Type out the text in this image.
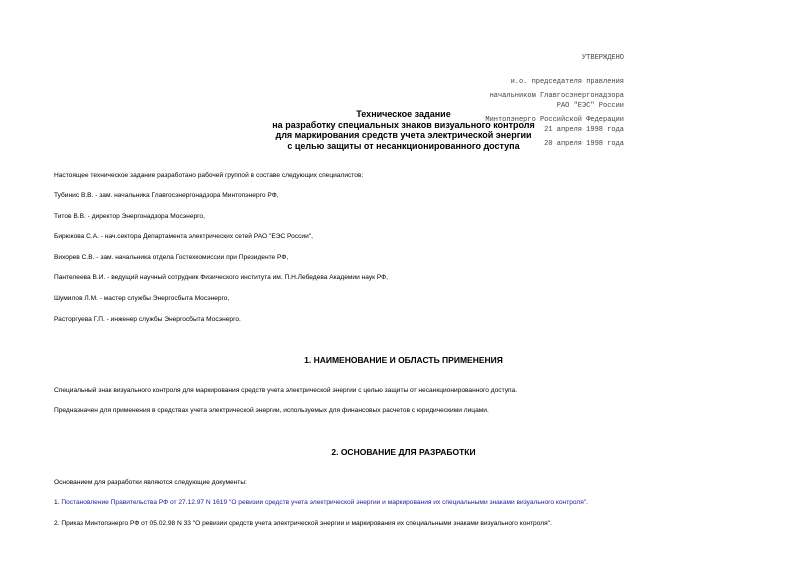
УТВЕРЖДЕНО

и.о. председателя правления

РАО "ЕЭС" России

21 апреля 1998 года

начальником Главгосэнергонадзора

Минтопэнерго Российской Федерации

20 апреля 1998 года

Техническое задание
на разработку специальных знаков визуального контроля
для маркирования средств учета электрической энергии
с целью защиты от несанкционированного доступа
Настоящее техническое задание разработано рабочей группой в составе следующих специалистов:
Тубинис В.В. - зам. начальника Главгосэнергонадзора Минтопэнерго РФ,
Титов В.В. - директор Энергонадзора Мосэнерго,
Бирюкова С.А. - нач.сектора Департамента электрических сетей РАО "ЕЭС России",
Вихорев С.В. - зам. начальника отдела Гостехкомиссии при Президенте РФ,
Пантелеева В.И. - ведущий научный сотрудник Физического института им. П.Н.Лебедева Академии наук РФ,
Шумилов Л.М. - мастер службы Энергосбыта Мосэнерго,
Расторгуева Г.П. - инженер службы Энергосбыта Мосэнерго.
1. НАИМЕНОВАНИЕ И ОБЛАСТЬ ПРИМЕНЕНИЯ
Специальный знак визуального контроля для маркирования средств учета электрической энергии с целью защиты от несанкционированного доступа.
Предназначен для применения в средствах учета электрической энергии, используемых для финансовых расчетов с юридическими лицами.
2. ОСНОВАНИЕ ДЛЯ РАЗРАБОТКИ
Основанием для разработки являются следующие документы:
1. Постановление Правительства РФ от 27.12.97 N 1619 "О ревизии средств учета электрической энергии и маркирования их специальными знаками визуального контроля".
2. Приказ Минтопэнерго РФ от 05.02.98 N 33 "О ревизии средств учета электрической энергии и маркирования их специальными знаками визуального контроля".
